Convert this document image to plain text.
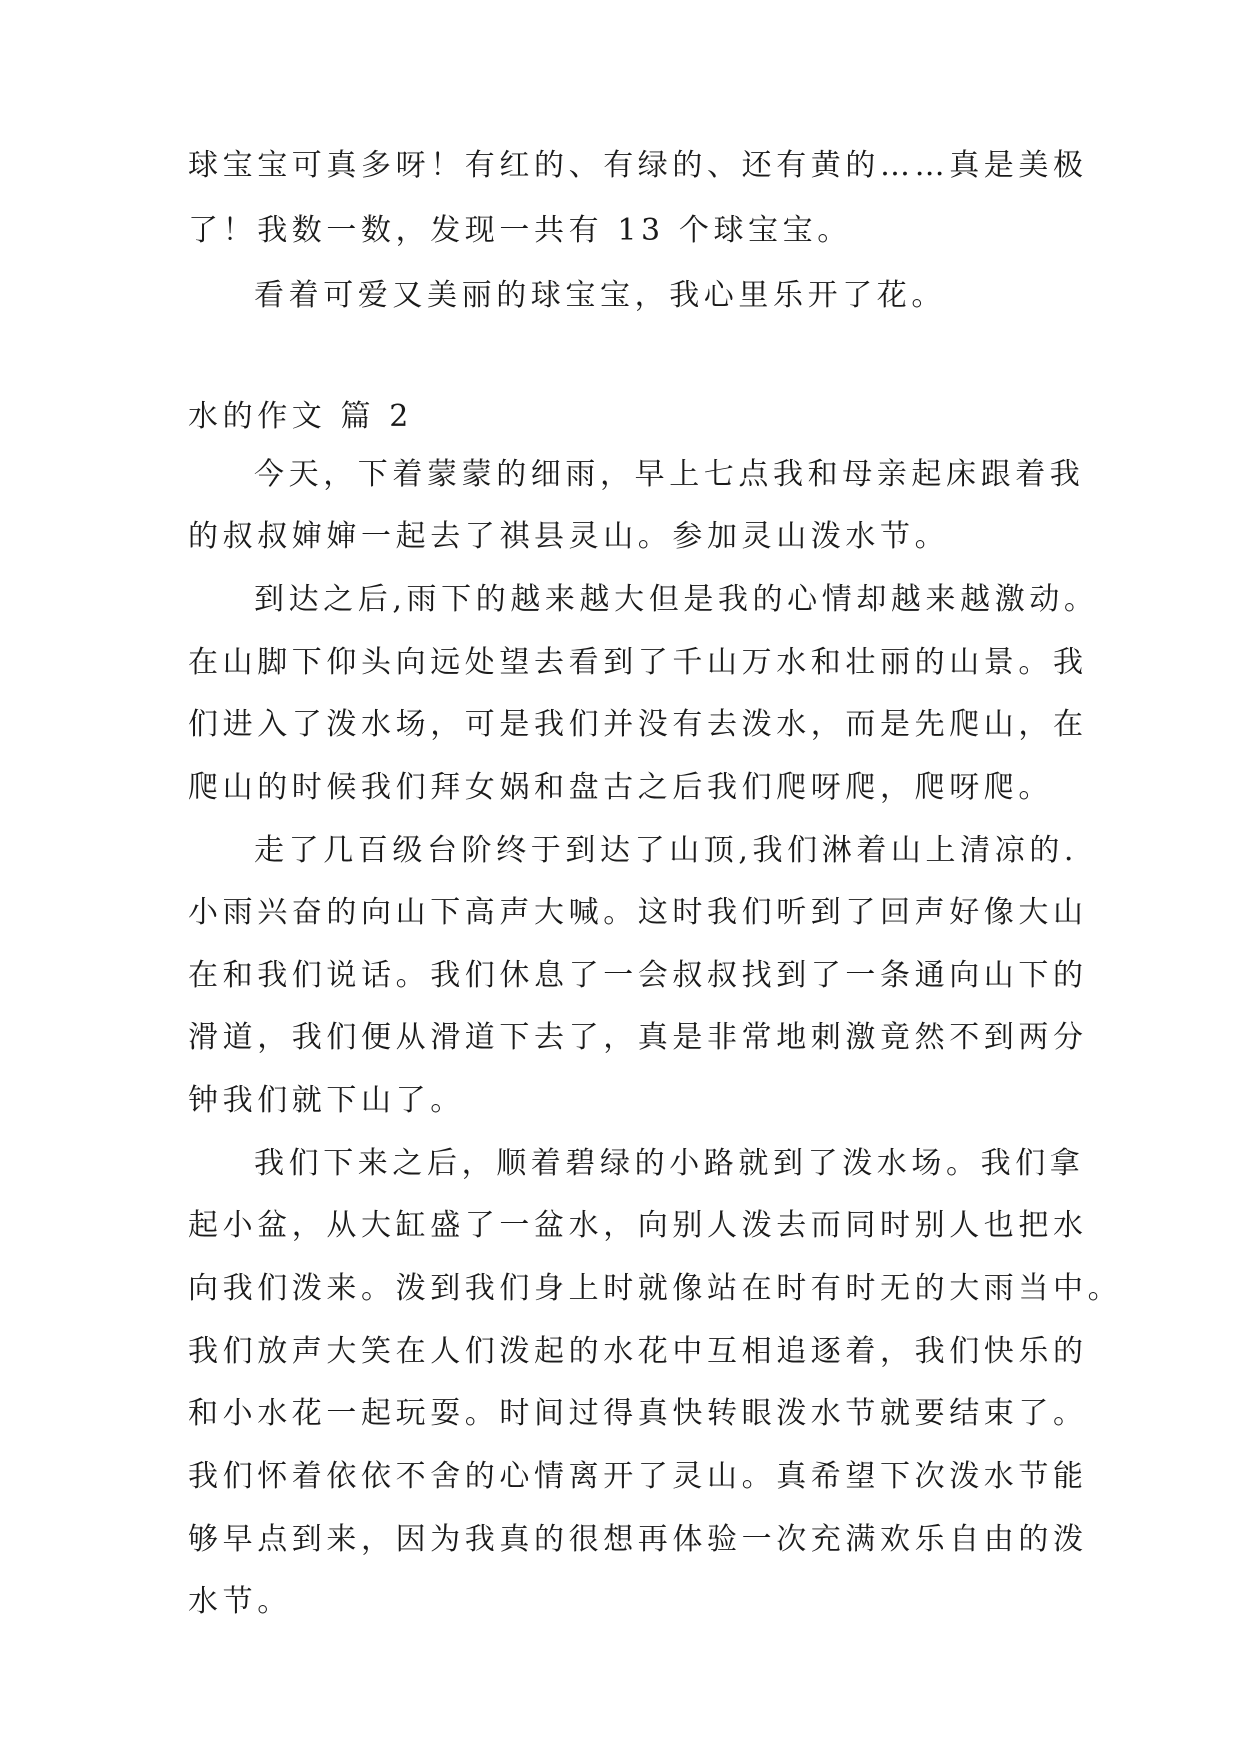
球宝宝可真多呀！有红的、有绿的、还有黄的……真是美极
了！我数一数，发现一共有 13 个球宝宝。
看着可爱又美丽的球宝宝，我心里乐开了花。
水的作文 篇 2
今天，下着蒙蒙的细雨，早上七点我和母亲起床跟着我
的叔叔婶婶一起去了祺县灵山。参加灵山泼水节。
到达之后,雨下的越来越大但是我的心情却越来越激动。
在山脚下仰头向远处望去看到了千山万水和壮丽的山景。我
们进入了泼水场，可是我们并没有去泼水，而是先爬山，在
爬山的时候我们拜女娲和盘古之后我们爬呀爬，爬呀爬。
走了几百级台阶终于到达了山顶,我们淋着山上清凉的.
小雨兴奋的向山下高声大喊。这时我们听到了回声好像大山
在和我们说话。我们休息了一会叔叔找到了一条通向山下的
滑道，我们便从滑道下去了，真是非常地刺激竟然不到两分
钟我们就下山了。
我们下来之后，顺着碧绿的小路就到了泼水场。我们拿
起小盆，从大缸盛了一盆水，向别人泼去而同时别人也把水
向我们泼来。泼到我们身上时就像站在时有时无的大雨当中。
我们放声大笑在人们泼起的水花中互相追逐着，我们快乐的
和小水花一起玩耍。时间过得真快转眼泼水节就要结束了。
我们怀着依依不舍的心情离开了灵山。真希望下次泼水节能
够早点到来，因为我真的很想再体验一次充满欢乐自由的泼
水节。
